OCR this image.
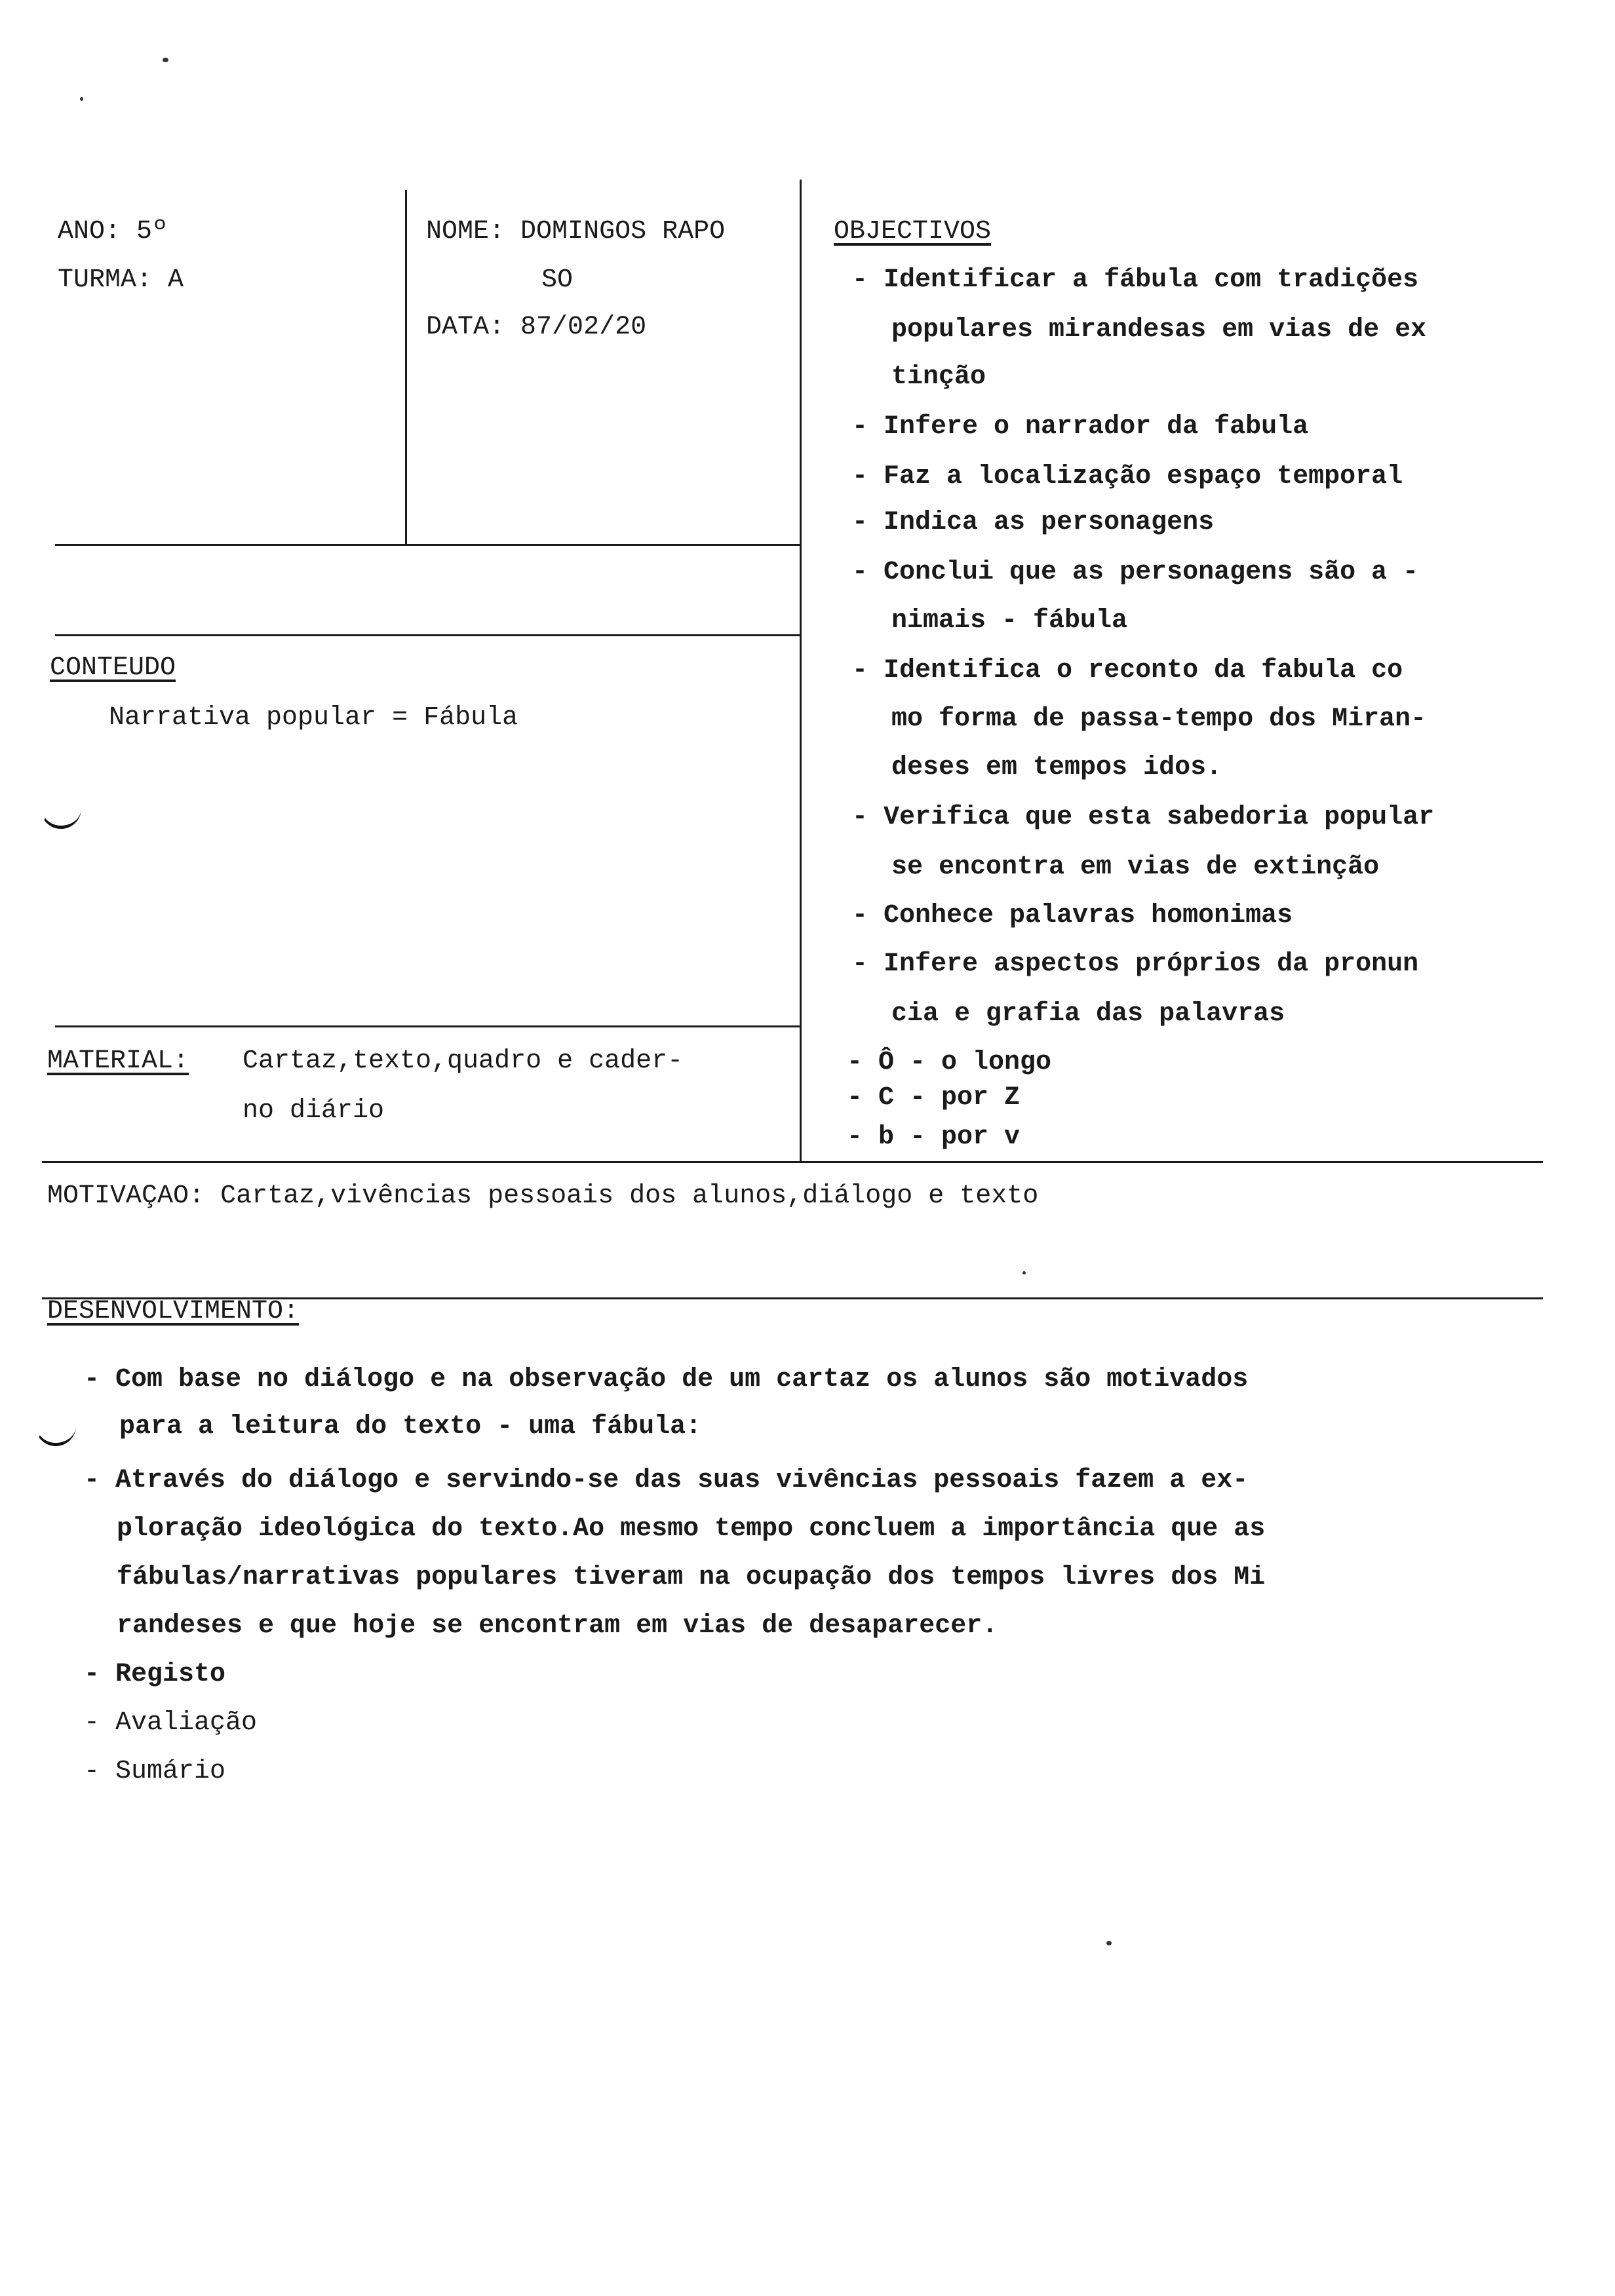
ANO: 5º
TURMA: A
NOME: DOMINGOS RAPO
SO
DATA: 87/02/20
CONTEUDO
Narrativa popular = Fábula
MATERIAL: Cartaz,texto,quadro e cader-
no diário
OBJECTIVOS
- Identificar a fábula com tradições
populares mirandesas em vias de ex
tinção
- Infere o narrador da fabula
- Faz a localização espaço temporal
- Indica as personagens
- Conclui que as personagens são a -
nimais - fábula
- Identifica o reconto da fabula co
mo forma de passa-tempo dos Miran-
deses em tempos idos.
- Verifica que esta sabedoria popular
se encontra em vias de extinção
- Conhece palavras homonimas
- Infere aspectos próprios da pronun
cia e grafia das palavras
- Ô - o longo
- C - por Z
- b - por v
MOTIVAÇAO: Cartaz,vivências pessoais dos alunos,diálogo e texto
DESENVOLVIMENTO:
- Com base no diálogo e na observação de um cartaz os alunos são motivados
para a leitura do texto - uma fábula:
- Através do diálogo e servindo-se das suas vivências pessoais fazem a ex-
ploração ideológica do texto.Ao mesmo tempo concluem a importância que as
fábulas/narrativas populares tiveram na ocupação dos tempos livres dos Mi
randeses e que hoje se encontram em vias de desaparecer.
- Registo
- Avaliação
- Sumário
